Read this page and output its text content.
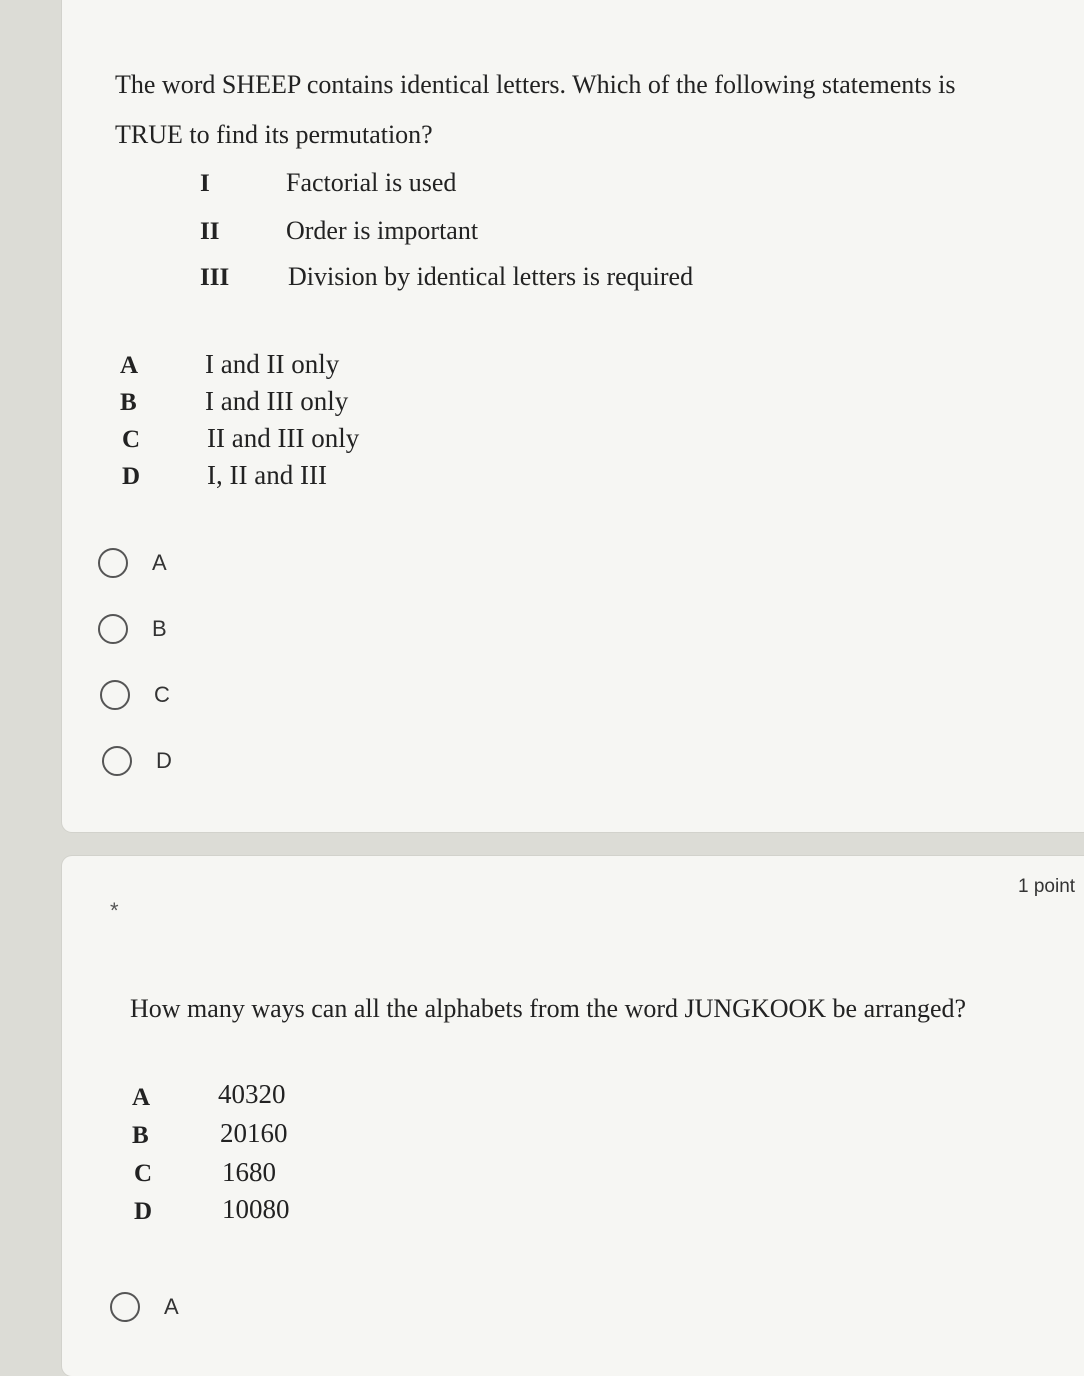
The word SHEEP contains identical letters. Which of the following statements is
TRUE to find its permutation?
I	Factorial is used
II	Order is important
III Division by identical letters is required
A I and II only
B	I and III only
C II and III only
D I, II and III
A
B
C
D
1 point
*
How many ways can all the alphabets from the word JUNGKOOK be arranged?
A	40320
B	20160
C	1680
D	10080
A
